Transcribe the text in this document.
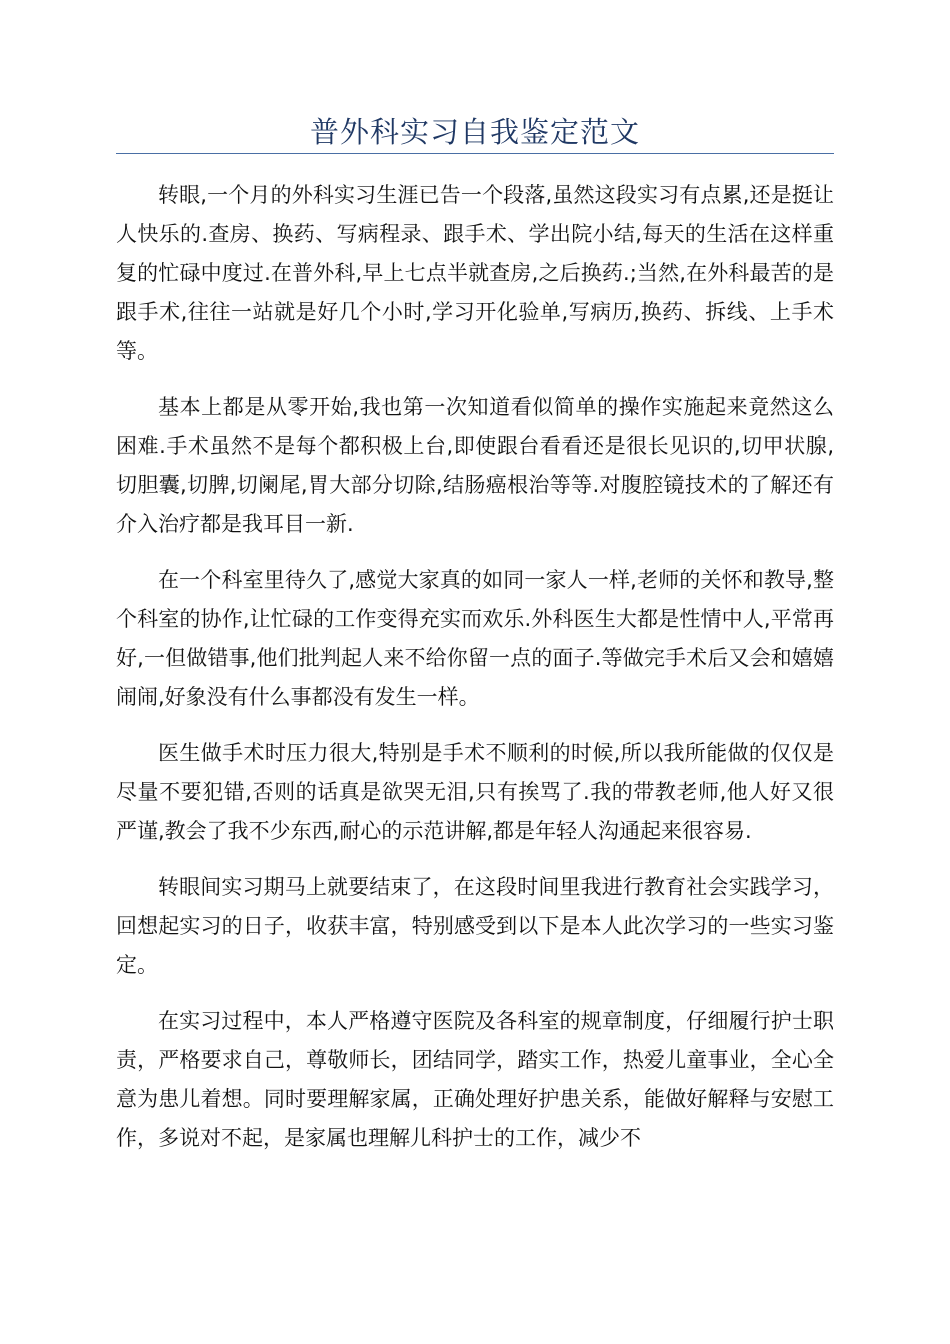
普外科实习自我鉴定范文

转眼,一个月的外科实习生涯已告一个段落,虽然这段实习有点累,还是挺让人快乐的.查房、换药、写病程录、跟手术、学出院小结,每天的生活在这样重复的忙碌中度过.在普外科,早上七点半就查房,之后换药.;当然,在外科最苦的是跟手术,往往一站就是好几个小时,学习开化验单,写病历,换药、拆线、上手术等。

基本上都是从零开始,我也第一次知道看似简单的操作实施起来竟然这么困难.手术虽然不是每个都积极上台,即使跟台看看还是很长见识的,切甲状腺,切胆囊,切脾,切阑尾,胃大部分切除,结肠癌根治等等.对腹腔镜技术的了解还有介入治疗都是我耳目一新.

在一个科室里待久了,感觉大家真的如同一家人一样,老师的关怀和教导,整个科室的协作,让忙碌的工作变得充实而欢乐.外科医生大都是性情中人,平常再好,一但做错事,他们批判起人来不给你留一点的面子.等做完手术后又会和嬉嬉闹闹,好象没有什么事都没有发生一样。

医生做手术时压力很大,特别是手术不顺利的时候,所以我所能做的仅仅是尽量不要犯错,否则的话真是欲哭无泪,只有挨骂了.我的带教老师,他人好又很严谨,教会了我不少东西,耐心的示范讲解,都是年轻人沟通起来很容易.

转眼间实习期马上就要结束了，在这段时间里我进行教育社会实践学习，回想起实习的日子，收获丰富，特别感受到以下是本人此次学习的一些实习鉴定。

在实习过程中，本人严格遵守医院及各科室的规章制度，仔细履行护士职责，严格要求自己，尊敬师长，团结同学，踏实工作，热爱儿童事业，全心全意为患儿着想。同时要理解家属，正确处理好护患关系，能做好解释与安慰工作，多说对不起，是家属也理解儿科护士的工作，减少不
